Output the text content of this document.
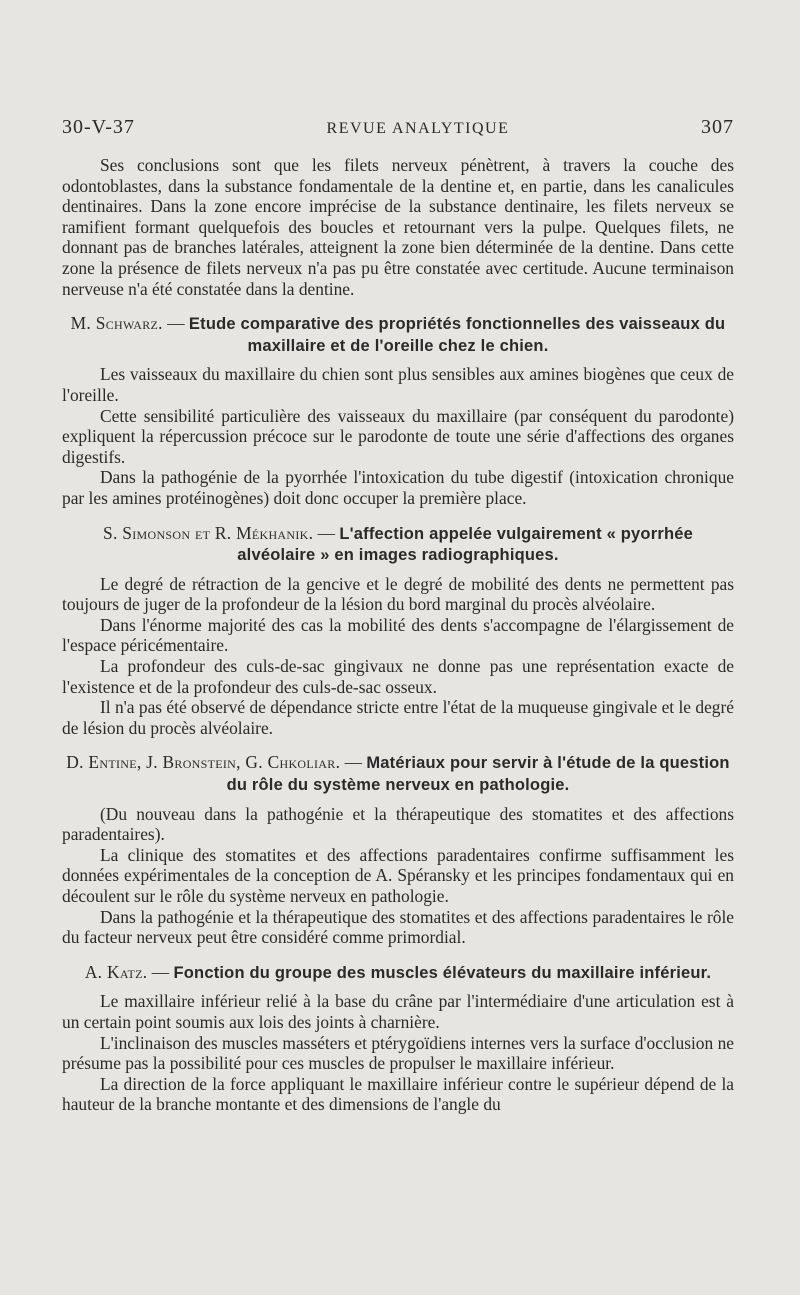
30-V-37	REVUE ANALYTIQUE	307

Ses conclusions sont que les filets nerveux pénètrent, à travers la couche des odontoblastes, dans la substance fondamentale de la dentine et, en partie, dans les canalicules dentinaires. Dans la zone encore imprécise de la substance dentinaire, les filets nerveux se ramifient formant quelquefois des boucles et retournant vers la pulpe. Quelques filets, ne donnant pas de branches latérales, atteignent la zone bien déterminée de la dentine. Dans cette zone la présence de filets nerveux n'a pas pu être constatée avec certitude. Aucune terminaison nerveuse n'a été constatée dans la dentine.

M. Schwarz. — Etude comparative des propriétés fonctionnelles des vaisseaux du maxillaire et de l'oreille chez le chien.

Les vaisseaux du maxillaire du chien sont plus sensibles aux amines biogènes que ceux de l'oreille.

Cette sensibilité particulière des vaisseaux du maxillaire (par conséquent du parodonte) expliquent la répercussion précoce sur le parodonte de toute une série d'affections des organes digestifs.

Dans la pathogénie de la pyorrhée l'intoxication du tube digestif (intoxication chronique par les amines protéinogènes) doit donc occuper la première place.

S. Simonson et R. Mékhanik. — L'affection appelée vulgairement « pyorrhée alvéolaire » en images radiographiques.

Le degré de rétraction de la gencive et le degré de mobilité des dents ne permettent pas toujours de juger de la profondeur de la lésion du bord marginal du procès alvéolaire.

Dans l'énorme majorité des cas la mobilité des dents s'accompagne de l'élargissement de l'espace péricémentaire.

La profondeur des culs-de-sac gingivaux ne donne pas une représentation exacte de l'existence et de la profondeur des culs-de-sac osseux.

Il n'a pas été observé de dépendance stricte entre l'état de la muqueuse gingivale et le degré de lésion du procès alvéolaire.

D. Entine, J. Bronstein, G. Chkoliar. — Matériaux pour servir à l'étude de la question du rôle du système nerveux en pathologie.

(Du nouveau dans la pathogénie et la thérapeutique des stomatites et des affections paradentaires).

La clinique des stomatites et des affections paradentaires confirme suffisamment les données expérimentales de la conception de A. Spéransky et les principes fondamentaux qui en découlent sur le rôle du système nerveux en pathologie.

Dans la pathogénie et la thérapeutique des stomatites et des affections paradentaires le rôle du facteur nerveux peut être considéré comme primordial.

A. Katz. — Fonction du groupe des muscles élévateurs du maxillaire inférieur.

Le maxillaire inférieur relié à la base du crâne par l'intermédiaire d'une articulation est à un certain point soumis aux lois des joints à charnière.

L'inclinaison des muscles masséters et ptérygoïdiens internes vers la surface d'occlusion ne présume pas la possibilité pour ces muscles de propulser le maxillaire inférieur.

La direction de la force appliquant le maxillaire inférieur contre le supérieur dépend de la hauteur de la branche montante et des dimensions de l'angle du
